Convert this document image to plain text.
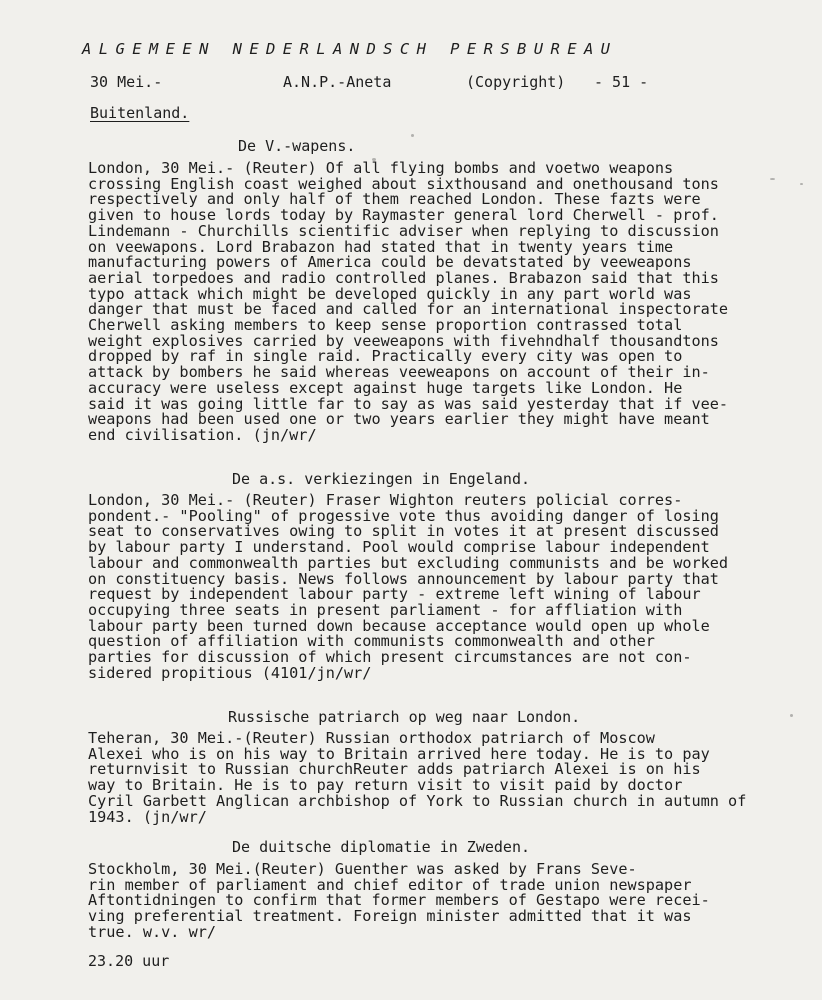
ALGEMEEN NEDERLANDSCH PERSBUREAU
30 Mei.-	A.N.P.-Aneta	(Copyright) - 51 -
Buitenland.
De V.-wapens.
London, 30 Mei.- (Reuter) Of all flying bombs and voetwo weapons
crossing English coast weighed about sixthousand and onethousand tons
respectively and only half of them reached London. These fazts were
given to house lords today by Raymaster general lord Cherwell - prof.
Lindemann - Churchills scientific adviser when replying to discussion
on veewapons. Lord Brabazon had stated that in twenty years time
manufacturing powers of America could be devatstated by veeweapons
aerial torpedoes and radio controlled planes. Brabazon said that this
typo attack which might be developed quickly in any part world was
danger that must be faced and called for an international inspectorate
Cherwell asking members to keep sense proportion contrassed total
weight explosives carried by veeweapons with fivehndhalf thousandtons
dropped by raf in single raid. Practically every city was open to
attack by bombers he said whereas veeweapons on account of their in-
accuracy were useless except against huge targets like London. He
said it was going little far to say as was said yesterday that if vee-
weapons had been used one or two years earlier they might have meant
end civilisation. (jn/wr/
De a.s. verkiezingen in Engeland.
London, 30 Mei.- (Reuter) Fraser Wighton reuters policial corres-
pondent.- "Pooling" of progessive vote thus avoiding danger of losing
seat to conservatives owing to split in votes it at present discussed
by labour party I understand. Pool would comprise labour independent
labour and commonwealth parties but excluding communists and be worked
on constituency basis. News follows announcement by labour party that
request by independent labour party - extreme left wining of labour
occupying three seats in present parliament - for affliation with
labour party been turned down because acceptance would open up whole
question of affiliation with communists commonwealth and other
parties for discussion of which present circumstances are not con-
sidered propitious (4101/jn/wr/
Russische patriarch op weg naar London.
Teheran, 30 Mei.-(Reuter) Russian orthodox patriarch of Moscow
Alexei who is on his way to Britain arrived here today. He is to pay
returnvisit to Russian churchReuter adds patriarch Alexei is on his
way to Britain. He is to pay return visit to visit paid by doctor
Cyril Garbett Anglican archbishop of York to Russian church in autumn of
1943. (jn/wr/
De duitsche diplomatie in Zweden.
Stockholm, 30 Mei.(Reuter) Guenther was asked by Frans Seve-
rin member of parliament and chief editor of trade union newspaper
Aftontidningen to confirm that former members of Gestapo were recei-
ving preferential treatment. Foreign minister admitted that it was
true. w.v. wr/
23.20 uur
